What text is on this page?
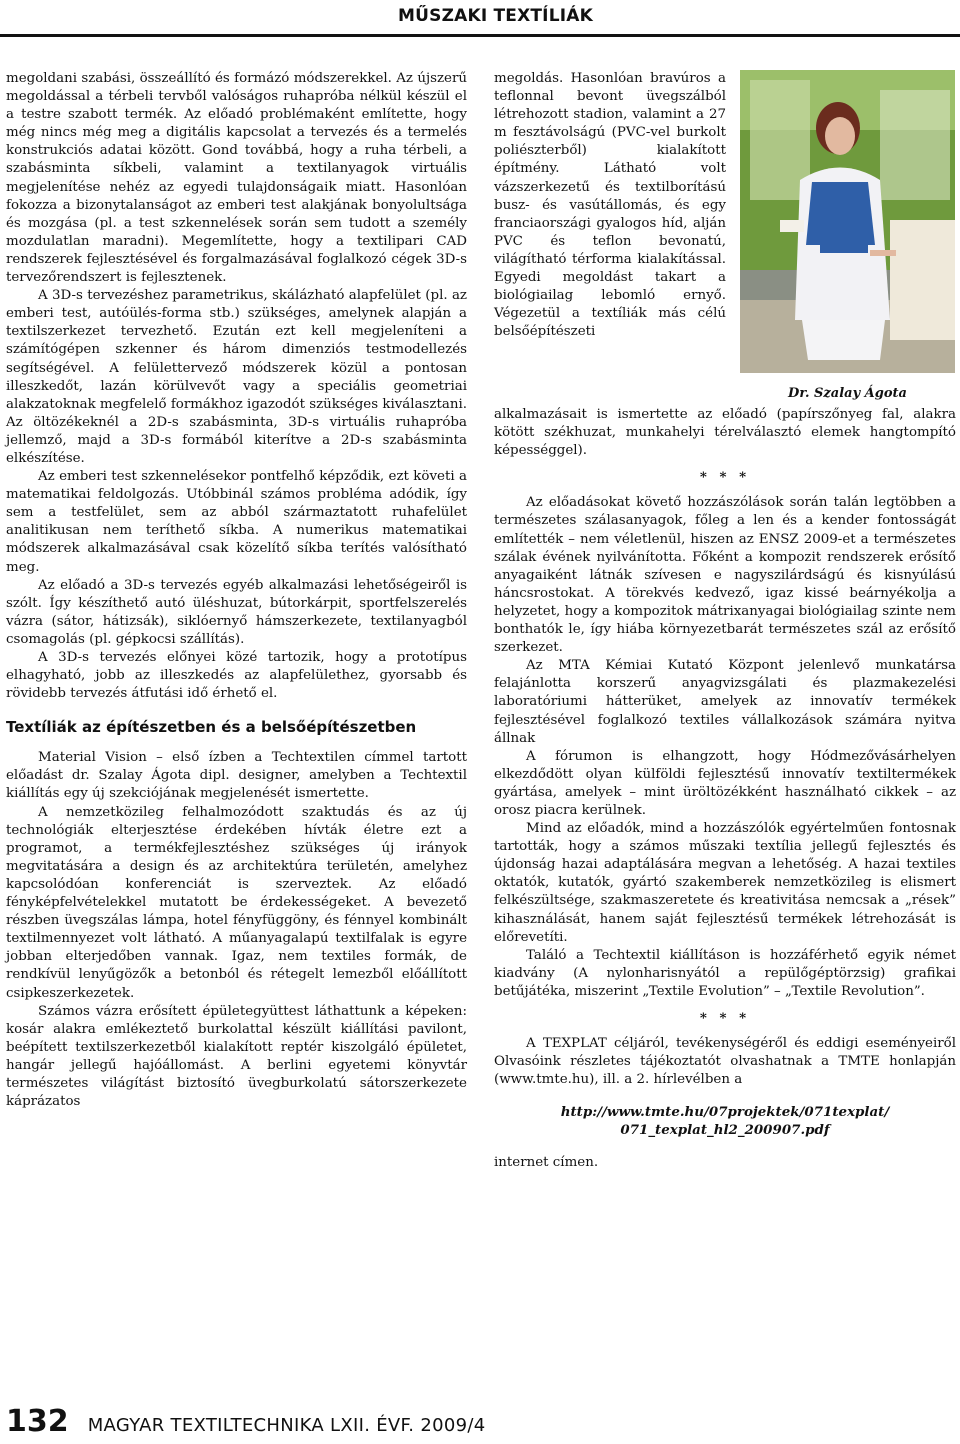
MŰSZAKI TEXTÍLIÁK

megoldani szabási, összeállító és formázó módszerekkel. Az újszerű megoldással a térbeli tervből valóságos ruhapróba nélkül készül el a testre szabott termék. Az előadó problémaként említette, hogy még nincs még meg a digitális kapcsolat a tervezés és a termelés konstrukciós adatai között. Gond továbbá, hogy a ruha térbeli, a szabásminta síkbeli, valamint a textilanyagok virtuális megjelenítése nehéz az egyedi tulajdonságaik miatt. Hasonlóan fokozza a bizonytalanságot az emberi test alakjának bonyolultsága és mozgása (pl. a test szkennelések során sem tudott a személy mozdulatlan maradni). Megemlítette, hogy a textilipari CAD rendszerek fejlesztésével és forgalmazásával foglalkozó cégek 3D-s tervezőrendszert is fejlesztenek.

A 3D-s tervezéshez parametrikus, skálázható alapfelület (pl. az emberi test, autóülés-forma stb.) szükséges, amelynek alapján a textilszerkezet tervezhető. Ezután ezt kell megjeleníteni a számítógépen szkenner és három dimenziós testmodellezés segítségével. A felülettervező módszerek közül a pontosan illeszkedőt, lazán körülvevőt vagy a speciális geometriai alakzatoknak megfelelő formákhoz igazodót szükséges kiválasztani. Az öltözékeknél a 2D-s szabásminta, 3D-s virtuális ruhapróba jellemző, majd a 3D-s formából kiterítve a 2D-s szabásminta elkészítése.

Az emberi test szkennelésekor pontfelhő képződik, ezt követi a matematikai feldolgozás. Utóbbinál számos probléma adódik, így sem a testfelület, sem az abból származtatott ruhafelület analitikusan nem teríthető síkba. A numerikus matematikai módszerek alkalmazásával csak közelítő síkba terítés valósítható meg.

Az előadó a 3D-s tervezés egyéb alkalmazási lehetőségeiről is szólt. Így készíthető autó üléshuzat, bútorkárpit, sportfelszerelés vázra (sátor, hátizsák), siklóernyő hámszerkezete, textilanyagból csomagolás (pl. gépkocsi szállítás).

A 3D-s tervezés előnyei közé tartozik, hogy a prototípus elhagyható, jobb az illeszkedés az alapfelülethez, gyorsabb és rövidebb tervezés átfutási idő érhető el.

Textíliák az építészetben és a belsőépítészetben

Material Vision – első ízben a Techtextilen címmel tartott előadást dr. Szalay Ágota dipl. designer, amelyben a Techtextil kiállítás egy új szekciójának megjelenését ismertette.

A nemzetközileg felhalmozódott szaktudás és az új technológiák elterjesztése érdekében hívták életre ezt a programot, a termékfejlesztéshez szükséges új irányok megvitatására a design és az architektúra területén, amelyhez kapcsolódóan konferenciát is szerveztek. Az előadó fényképfelvételekkel mutatott be érdekességeket. A bevezető részben üvegszálas lámpa, hotel fényfüggöny, és fénnyel kombinált textilmennyezet volt látható. A műanyagalapú textilfalak is egyre jobban elterjedőben vannak. Igaz, nem textiles formák, de rendkívül lenyűgözők a betonból és rétegelt lemezből előállított csipkeszerkezetek.

Számos vázra erősített épületegyüttest láthattunk a képeken: kosár alakra emlékeztető burkolattal készült kiállítási pavilont, beépített textilszerkezetből kialakított reptér kiszolgáló épületet, hangár jellegű hajóállomást. A berlini egyetemi könyvtár természetes világítást biztosító üvegburkolatú sátorszerkezete káprázatos

megoldás. Hasonlóan bravúros a teflonnal bevont üvegszálból létrehozott stadion, valamint a 27 m fesztávolságú (PVC-vel burkolt poliészterből) kialakított építmény. Látható volt vázszerkezetű és textilborítású busz- és vasútállomás, és egy franciaországi gyalogos híd, alján PVC és teflon bevonatú, világítható térforma kialakítással. Egyedi megoldást takart a biológiailag lebomló ernyő. Végezetül a textíliák más célú belsőépítészeti

Dr. Szalay Ágota

alkalmazásait is ismertette az előadó (papírszőnyeg fal, alakra kötött székhuzat, munkahelyi térelválasztó elemek hangtompító képességgel).

* * *

Az előadásokat követő hozzászólások során talán legtöbben a természetes szálasanyagok, főleg a len és a kender fontosságát említették – nem véletlenül, hiszen az ENSZ 2009-et a természetes szálak évének nyilvánította. Főként a kompozit rendszerek erősítő anyagaiként látnák szívesen e nagyszilárdságú és kisnyúlású háncsrostokat. A törekvés kedvező, igaz kissé beárnyékolja a helyzetet, hogy a kompozitok mátrixanyagai biológiailag szinte nem bonthatók le, így hiába környezetbarát természetes szál az erősítő szerkezet.

Az MTA Kémiai Kutató Központ jelenlevő munkatársa felajánlotta korszerű anyagvizsgálati és plazmakezelési laboratóriumi hátterüket, amelyek az innovatív termékek fejlesztésével foglalkozó textiles vállalkozások számára nyitva állnak

A fórumon is elhangzott, hogy Hódmezővásárhelyen elkezdődött olyan külföldi fejlesztésű innovatív textiltermékek gyártása, amelyek – mint üröltözékként használható cikkek – az orosz piacra kerülnek.

Mind az előadók, mind a hozzászólók egyértelműen fontosnak tartották, hogy a számos műszaki textília jellegű fejlesztés és újdonság hazai adaptálására megvan a lehetőség. A hazai textiles oktatók, kutatók, gyártó szakemberek nemzetközileg is elismert felkészültsége, szakmaszeretete és kreativitása nemcsak a „rések” kihasználását, hanem saját fejlesztésű termékek létrehozását is előrevetíti.

Találó a Techtextil kiállításon is hozzáférhető egyik német kiadvány (A nylonharisnyától a repülőgéptörzsig) grafikai betűjátéka, miszerint „Textile Evolution” – „Textile Revolution”.

* * *

A TEXPLAT céljáról, tevékenységéről és eddigi eseményeiről Olvasóink részletes tájékoztatót olvashatnak a TMTE honlapján (www.tmte.hu), ill. a 2. hírlevélben a

http://www.tmte.hu/07projektek/071texplat/
071_texplat_hl2_200907.pdf

internet címen.

132 MAGYAR TEXTILTECHNIKA LXII. ÉVF. 2009/4
